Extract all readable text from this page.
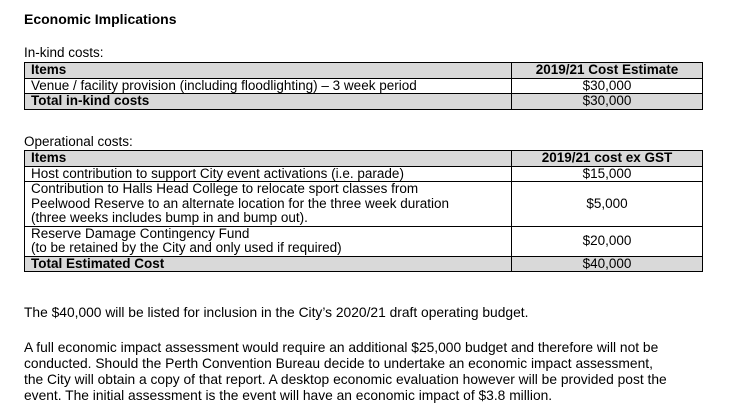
Economic Implications
In-kind costs:
Items	2019/21 Cost Estimate
Venue / facility provision (including floodlighting) – 3 week period	$30,000
Total in-kind costs	$30,000
Operational costs:
Items	2019/21 cost ex GST

Host contribution to support City event activations (i.e. parade)	$15,000

Contribution to Halls Head College to relocate sport classes from
Peelwood Reserve to an alternate location for the three week duration
(three weeks includes bump in and bump out).	$5,000

Reserve Damage Contingency Fund
(to be retained by the City and only used if required)	$20,000
Total Estimated Cost	$40,000

The $40,000 will be listed for inclusion in the City’s 2020/21 draft operating budget.

A full economic impact assessment would require an additional $25,000 budget and therefore will not be

conducted. Should the Perth Convention Bureau decide to undertake an economic impact assessment,

the City will obtain a copy of that report. A desktop economic evaluation however will be provided post the

event. The initial assessment is the event will have an economic impact of $3.8 million.
